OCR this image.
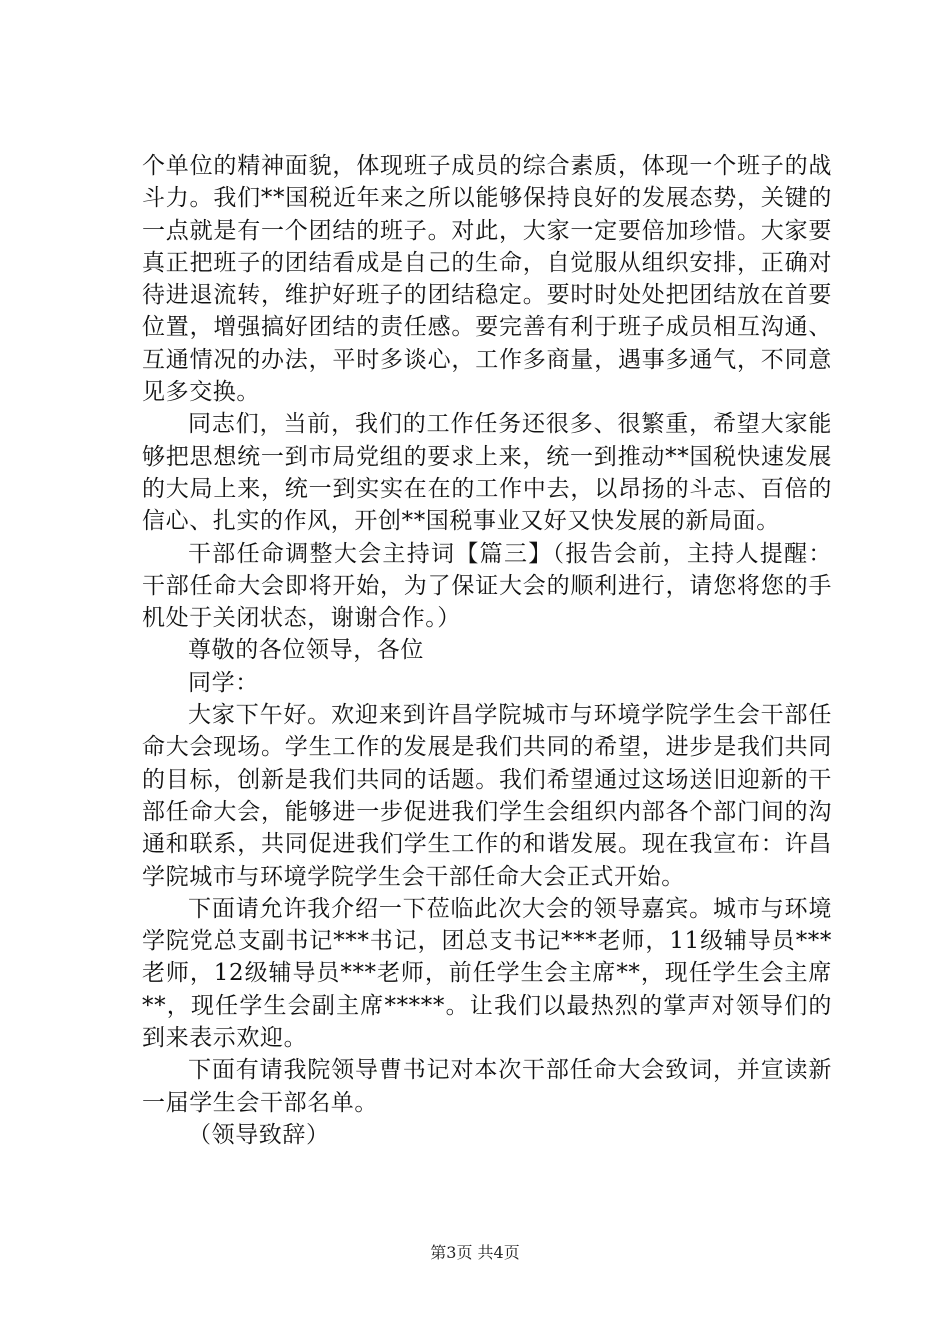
个单位的精神面貌，体现班子成员的综合素质，体现一个班子的战斗力。我们**国税近年来之所以能够保持良好的发展态势，关键的一点就是有一个团结的班子。对此，大家一定要倍加珍惜。大家要真正把班子的团结看成是自己的生命，自觉服从组织安排，正确对待进退流转，维护好班子的团结稳定。要时时处处把团结放在首要位置，增强搞好团结的责任感。要完善有利于班子成员相互沟通、互通情况的办法，平时多谈心，工作多商量，遇事多通气，不同意见多交换。

同志们，当前，我们的工作任务还很多、很繁重，希望大家能够把思想统一到市局党组的要求上来，统一到推动**国税快速发展的大局上来，统一到实实在在的工作中去，以昂扬的斗志、百倍的信心、扎实的作风，开创**国税事业又好又快发展的新局面。

干部任命调整大会主持词【篇三】（报告会前，主持人提醒：干部任命大会即将开始，为了保证大会的顺利进行，请您将您的手机处于关闭状态，谢谢合作。）

尊敬的各位领导，各位

同学：

大家下午好。欢迎来到许昌学院城市与环境学院学生会干部任命大会现场。学生工作的发展是我们共同的希望，进步是我们共同的目标，创新是我们共同的话题。我们希望通过这场送旧迎新的干部任命大会，能够进一步促进我们学生会组织内部各个部门间的沟通和联系，共同促进我们学生工作的和谐发展。现在我宣布：许昌学院城市与环境学院学生会干部任命大会正式开始。

下面请允许我介绍一下莅临此次大会的领导嘉宾。城市与环境学院党总支副书记***书记，团总支书记***老师，11级辅导员***老师，12级辅导员***老师，前任学生会主席**，现任学生会主席**，现任学生会副主席*****。让我们以最热烈的掌声对领导们的到来表示欢迎。

下面有请我院领导曹书记对本次干部任命大会致词，并宣读新一届学生会干部名单。

（领导致辞）

第3页 共4页
